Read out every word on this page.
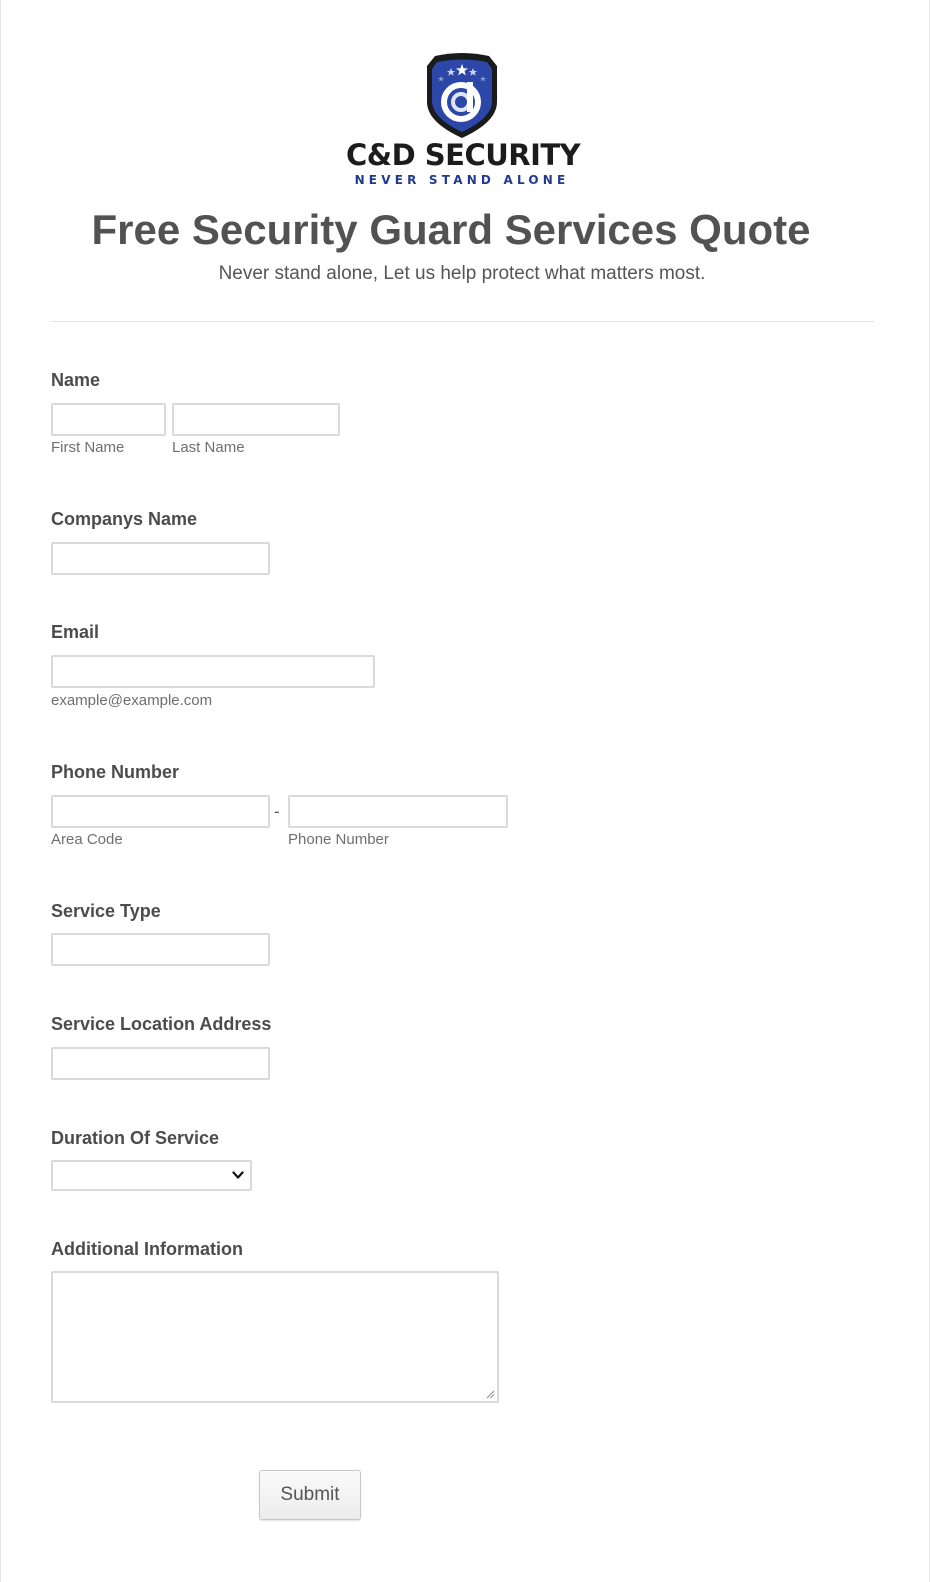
C&D SECURITY
NEVER STAND ALONE
Free Security Guard Services Quote
Never stand alone, Let us help protect what matters most.
Name
First Name	Last Name
Companys Name
Email
example@example.com
Phone Number
-
Area Code	Phone Number
Service Type
Service Location Address
Duration Of Service
Additional Information
Submit
